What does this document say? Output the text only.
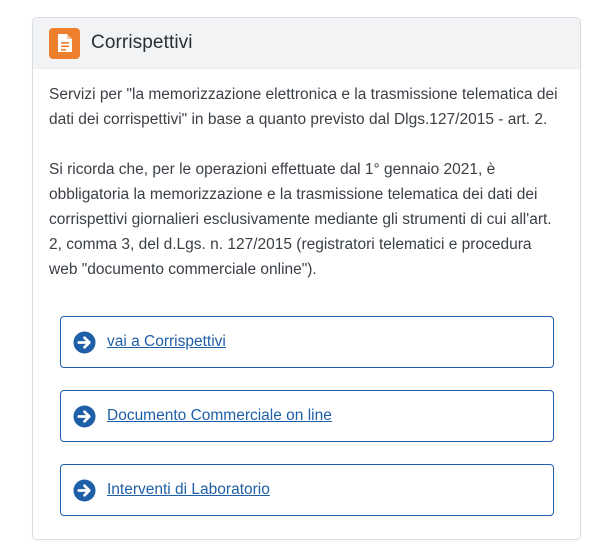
Corrispettivi

Servizi per "la memorizzazione elettronica e la trasmissione telematica dei dati dei corrispettivi" in base a quanto previsto dal Dlgs.127/2015 - art. 2.

Si ricorda che, per le operazioni effettuate dal 1° gennaio 2021, è obbligatoria la memorizzazione e la trasmissione telematica dei dati dei corrispettivi giornalieri esclusivamente mediante gli strumenti di cui all'art. 2, comma 3, del d.Lgs. n. 127/2015 (registratori telematici e procedura web "documento commerciale online").

vai a Corrispettivi
Documento Commerciale on line
Interventi di Laboratorio
